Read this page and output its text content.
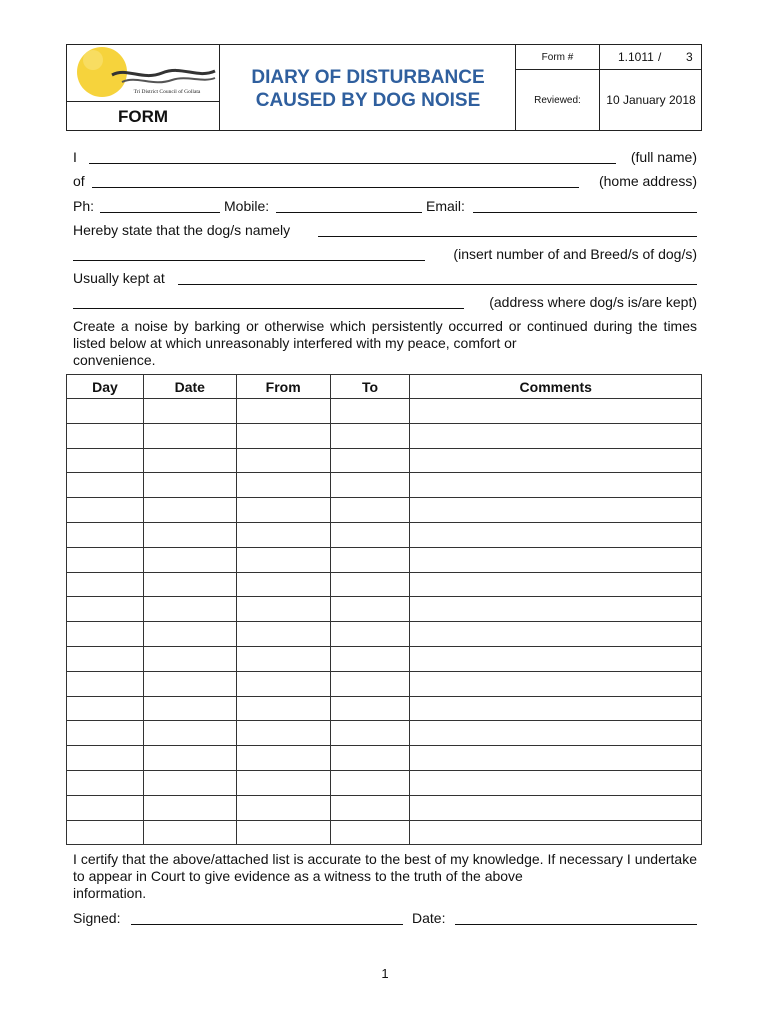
Tri District Council of Gollata
FORM
DIARY OF DISTURBANCE
CAUSED BY DOG NOISE
Form #	1.1011 / 3
Reviewed:	10 January 2018
I	(full name)
of	(home address)
Ph:	Mobile:	Email:
Hereby state that the dog/s namely
(insert number of and Breed/s of dog/s)
Usually kept at
(address where dog/s is/are kept)
Create a noise by barking or otherwise which persistently occurred or continued during the times listed below at which unreasonably interfered with my peace, comfort or
convenience.
Day	Date	From	To	Comments

I certify that the above/attached list is accurate to the best of my knowledge. If necessary I undertake to appear in Court to give evidence as a witness to the truth of the above
information.
Signed:	Date:
1
